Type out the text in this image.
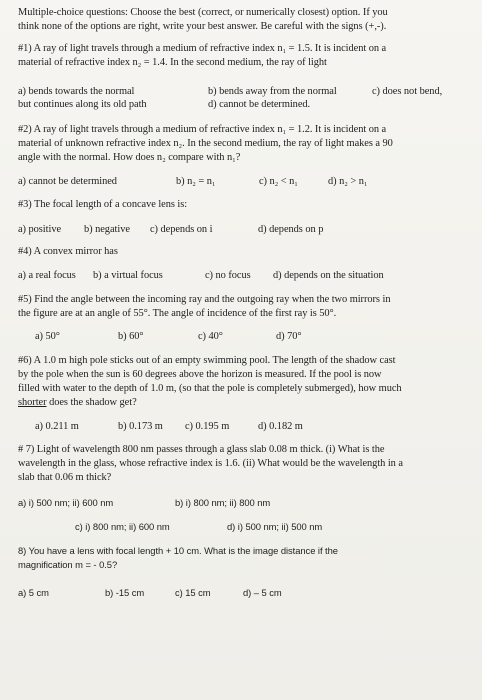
Multiple-choice questions: Choose the best (correct, or numerically closest) option. If you
think none of the options are right, write your best answer. Be careful with the signs (+,-).
#1) A ray of light travels through a medium of refractive index n₁ = 1.5. It is incident on a
material of refractive index n₂ = 1.4. In the second medium, the ray of light
a) bends towards the normal
but continues along its old path
b) bends away from the normal	c) does not bend,
d) cannot be determined.
#2) A ray of light travels through a medium of refractive index n₁ = 1.2. It is incident on a
material of unknown refractive index n₂. In the second medium, the ray of light makes a 90
angle with the normal. How does n₂ compare with n₁?
a) cannot be determined	b) n₂ = n₁	c) n₂ < n₁	d) n₂ > n₁
#3) The focal length of a concave lens is:
a) positive b) negative c) depends on i	d) depends on p
#4) A convex mirror has
a) a real focus b) a virtual focus	c) no focus d) depends on the situation
#5) Find the angle between the incoming ray and the outgoing ray when the two mirrors in
the figure are at an angle of 55°. The angle of incidence of the first ray is 50°.
a) 50°	b) 60°	c) 40°	d) 70°
#6) A 1.0 m high pole sticks out of an empty swimming pool. The length of the shadow cast
by the pole when the sun is 60 degrees above the horizon is measured. If the pool is now
filled with water to the depth of 1.0 m, (so that the pole is completely submerged), how much
shorter does the shadow get?
a) 0.211 m	b) 0.173 m c) 0.195 m	d) 0.182 m
# 7) Light of wavelength 800 nm passes through a glass slab 0.08 m thick. (i) What is the
wavelength in the glass, whose refractive index is 1.6. (ii) What would be the wavelength in a
slab that 0.06 m thick?
a) i) 500 nm; ii) 600 nm	b) i) 800 nm; ii) 800 nm
c) i) 800 nm; ii) 600 nm	d) i) 500 nm; ii) 500 nm
8) You have a lens with focal length + 10 cm. What is the image distance if the
magnification m = - 0.5?
a) 5 cm	b) -15 cm	c) 15 cm	d) – 5 cm
